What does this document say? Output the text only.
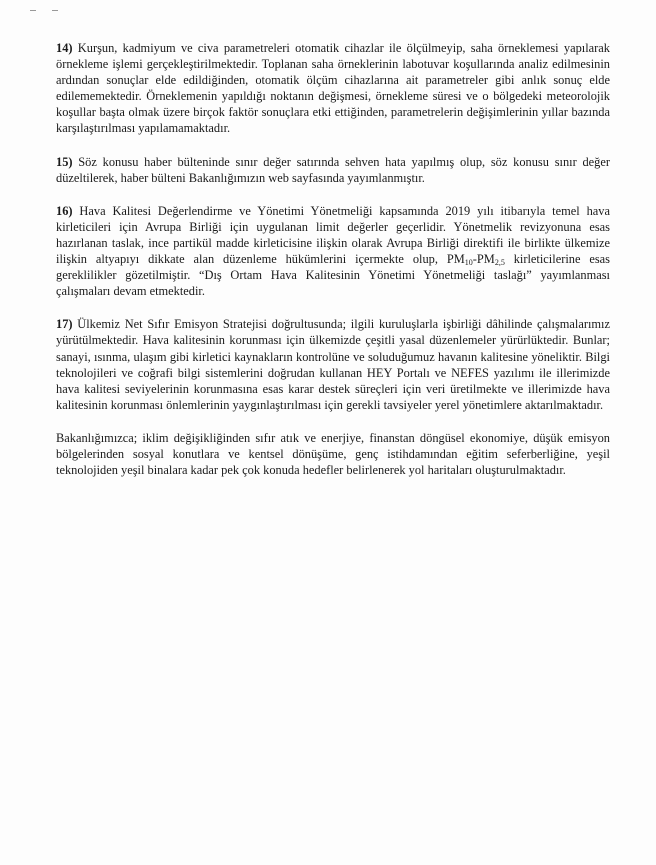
14) Kurşun, kadmiyum ve civa parametreleri otomatik cihazlar ile ölçülmeyip, saha örneklemesi yapılarak örnekleme işlemi gerçekleştirilmektedir. Toplanan saha örneklerinin labotuvar koşullarında analiz edilmesinin ardından sonuçlar elde edildiğinden, otomatik ölçüm cihazlarına ait parametreler gibi anlık sonuç elde edilememektedir. Örneklemenin yapıldığı noktanın değişmesi, örnekleme süresi ve o bölgedeki meteorolojik koşullar başta olmak üzere birçok faktör sonuçlara etki ettiğinden, parametrelerin değişimlerinin yıllar bazında karşılaştırılması yapılamamaktadır.

15) Söz konusu haber bülteninde sınır değer satırında sehven hata yapılmış olup, söz konusu sınır değer düzeltilerek, haber bülteni Bakanlığımızın web sayfasında yayımlanmıştır.

16) Hava Kalitesi Değerlendirme ve Yönetimi Yönetmeliği kapsamında 2019 yılı itibarıyla temel hava kirleticileri için Avrupa Birliği için uygulanan limit değerler geçerlidir. Yönetmelik revizyonuna esas hazırlanan taslak, ince partikül madde kirleticisine ilişkin olarak Avrupa Birliği direktifi ile birlikte ülkemize ilişkin altyapıyı dikkate alan düzenleme hükümlerini içermekte olup, $PM_{10}-PM_{2,5}$ kirleticilerine esas gereklilikler gözetilmiştir. “Dış Ortam Hava Kalitesinin Yönetimi Yönetmeliği taslağı” yayımlanması çalışmaları devam etmektedir.

17) Ülkemiz Net Sıfır Emisyon Stratejisi doğrultusunda; ilgili kuruluşlarla işbirliği dâhilinde çalışmalarımız yürütülmektedir. Hava kalitesinin korunması için ülkemizde çeşitli yasal düzenlemeler yürürlüktedir. Bunlar; sanayi, ısınma, ulaşım gibi kirletici kaynakların kontrolüne ve soluduğumuz havanın kalitesine yöneliktir. Bilgi teknolojileri ve coğrafi bilgi sistemlerini doğrudan kullanan HEY Portalı ve NEFES yazılımı ile illerimizde hava kalitesi seviyelerinin korunmasına esas karar destek süreçleri için veri üretilmekte ve illerimizde hava kalitesinin korunması önlemlerinin yaygınlaştırılması için gerekli tavsiyeler yerel yönetimlere aktarılmaktadır.

Bakanlığımızca; iklim değişikliğinden sıfır atık ve enerjiye, finanstan döngüsel ekonomiye, düşük emisyon bölgelerinden sosyal konutlara ve kentsel dönüşüme, genç istihdamından eğitim seferberliğine, yeşil teknolojiden yeşil binalara kadar pek çok konuda hedefler belirlenerek yol haritaları oluşturulmaktadır.
